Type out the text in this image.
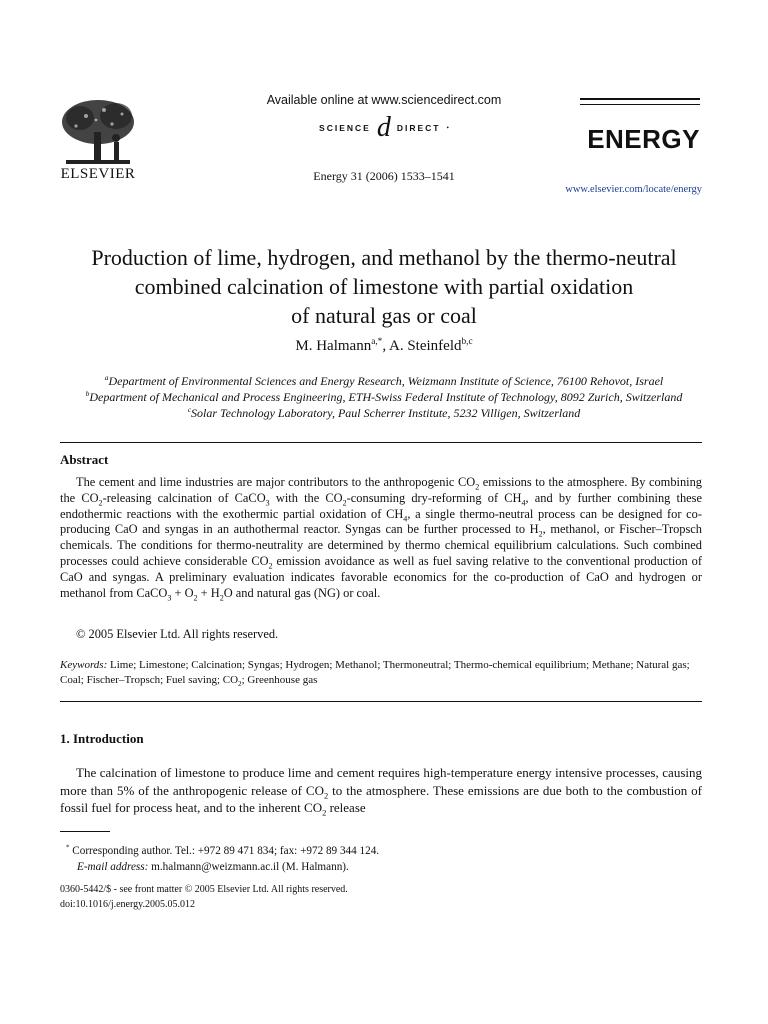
ELSEVIER
Available online at www.sciencedirect.com
SCIENCE d DIRECT •
Energy 31 (2006) 1533–1541
ENERGY
www.elsevier.com/locate/energy
Production of lime, hydrogen, and methanol by the thermo-neutral
combined calcination of limestone with partial oxidation
of natural gas or coal
M. Halmann$^{a,*}$, A. Steinfeld$^{b,c}$
$^a$Department of Environmental Sciences and Energy Research, Weizmann Institute of Science, 76100 Rehovot, Israel
$^b$Department of Mechanical and Process Engineering, ETH-Swiss Federal Institute of Technology, 8092 Zurich, Switzerland
$^c$Solar Technology Laboratory, Paul Scherrer Institute, 5232 Villigen, Switzerland
Abstract
The cement and lime industries are major contributors to the anthropogenic $CO_2$ emissions to the atmosphere. By combining the $CO_2$-releasing calcination of CaCO$_3$ with the $CO_2$-consuming dry-reforming of $CH_4$, and by further combining these endothermic reactions with the exothermic partial oxidation of $CH_4$, a single thermo-neutral process can be designed for co-producing CaO and syngas in an authothermal reactor. Syngas can be further processed to $H_2$, methanol, or Fischer–Tropsch chemicals. The conditions for thermo-neutrality are determined by thermo chemical equilibrium calculations. Such combined processes could achieve considerable $CO_2$ emission avoidance as well as fuel saving relative to the conventional production of CaO and syngas. A preliminary evaluation indicates favorable economics for the co-production of CaO and hydrogen or methanol from CaCO$_3$ + $O_2 + H_2O$ and natural gas (NG) or coal.
© 2005 Elsevier Ltd. All rights reserved.
Keywords: Lime; Limestone; Calcination; Syngas; Hydrogen; Methanol; Thermoneutral; Thermo-chemical equilibrium; Methane; Natural gas; Coal; Fischer–Tropsch; Fuel saving; $CO_2$; Greenhouse gas
1. Introduction
The calcination of limestone to produce lime and cement requires high-temperature energy intensive processes, causing more than 5% of the anthropogenic release of $CO_2$ to the atmosphere. These emissions are due both to the combustion of fossil fuel for process heat, and to the inherent $CO_2$ release
* Corresponding author. Tel.: +972 89 471 834; fax: +972 89 344 124.
E-mail address: m.halmann@weizmann.ac.il (M. Halmann).
0360-5442/$ - see front matter © 2005 Elsevier Ltd. All rights reserved.
doi:10.1016/j.energy.2005.05.012
